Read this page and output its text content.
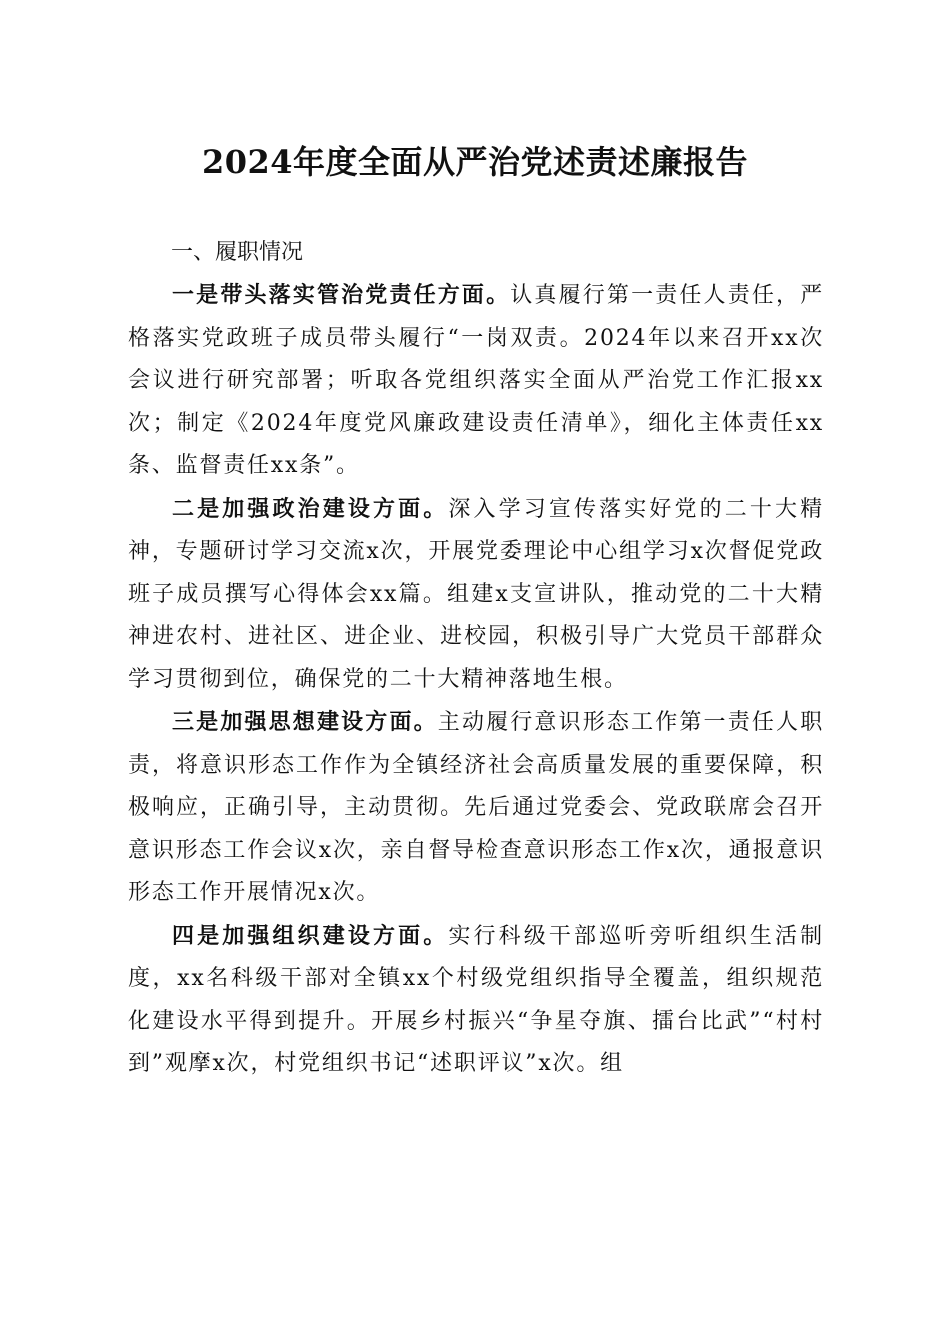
2024年度全面从严治党述责述廉报告

一、履职情况

一是带头落实管治党责任方面。认真履行第一责任人责任，严格落实党政班子成员带头履行“一岗双责。2024年以来召开xx次会议进行研究部署；听取各党组织落实全面从严治党工作汇报xx次；制定《2024年度党风廉政建设责任清单》，细化主体责任xx条、监督责任xx条”。

二是加强政治建设方面。深入学习宣传落实好党的二十大精神，专题研讨学习交流x次，开展党委理论中心组学习x次督促党政班子成员撰写心得体会xx篇。组建x支宣讲队，推动党的二十大精神进农村、进社区、进企业、进校园，积极引导广大党员干部群众学习贯彻到位，确保党的二十大精神落地生根。

三是加强思想建设方面。主动履行意识形态工作第一责任人职责，将意识形态工作作为全镇经济社会高质量发展的重要保障，积极响应，正确引导，主动贯彻。先后通过党委会、党政联席会召开意识形态工作会议x次，亲自督导检查意识形态工作x次，通报意识形态工作开展情况x次。

四是加强组织建设方面。实行科级干部巡听旁听组织生活制度，xx名科级干部对全镇xx个村级党组织指导全覆盖，组织规范化建设水平得到提升。开展乡村振兴“争星夺旗、擂台比武”“村村到”观摩x次，村党组织书记“述职评议”x次。组
